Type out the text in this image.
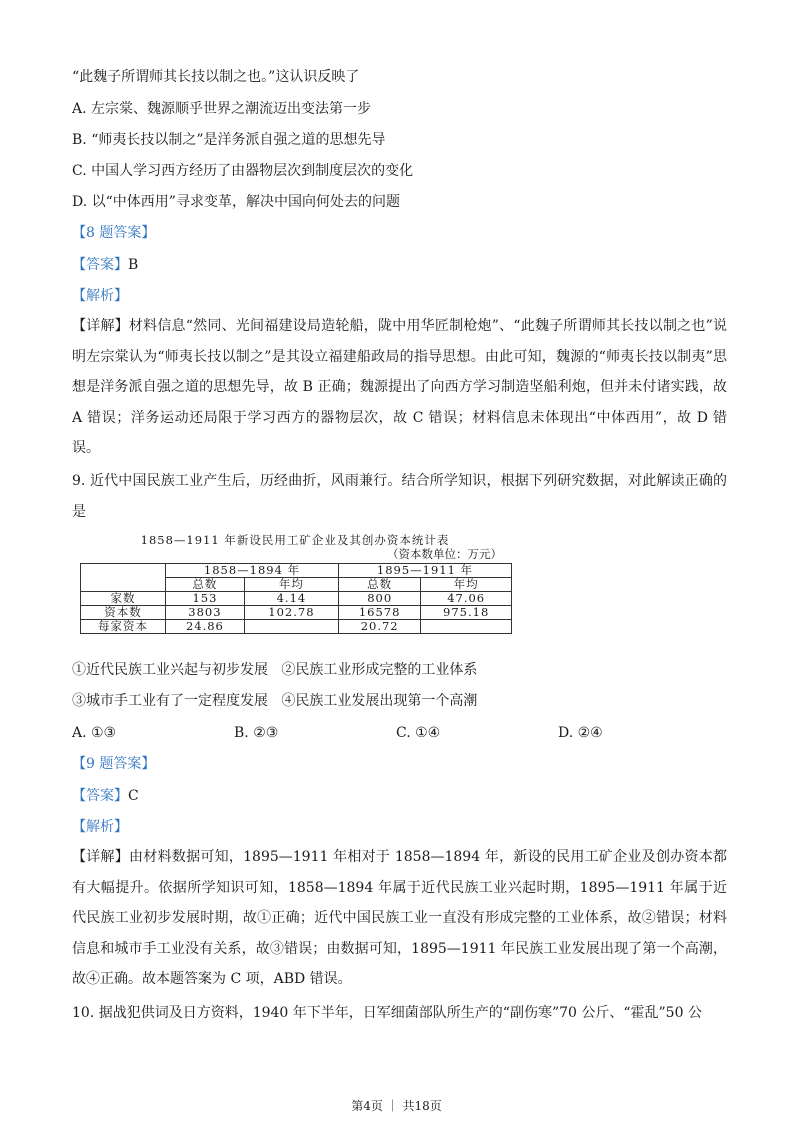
“此魏子所谓师其长技以制之也。”这认识反映了
A. 左宗棠、魏源顺乎世界之潮流迈出变法第一步
B. “师夷长技以制之”是洋务派自强之道的思想先导
C. 中国人学习西方经历了由器物层次到制度层次的变化
D. 以“中体西用”寻求变革，解决中国向何处去的问题
【8 题答案】
【答案】B
【解析】
【详解】材料信息“然同、光间福建设局造轮船，陇中用华匠制枪炮”、“此魏子所谓师其长技以制之也”说明左宗棠认为“师夷长技以制之”是其设立福建船政局的指导思想。由此可知，魏源的“师夷长技以制夷”思想是洋务派自强之道的思想先导，故 B 正确；魏源提出了向西方学习制造坚船利炮，但并未付诸实践，故 A 错误；洋务运动还局限于学习西方的器物层次，故 C 错误；材料信息未体现出“中体西用”，故 D 错误。
9. 近代中国民族工业产生后，历经曲折，风雨兼行。结合所学知识，根据下列研究数据，对此解读正确的是
1858—1911 年新设民用工矿企业及其创办资本统计表
（资本数单位：万元）
	1858—1894 年		1895—1911 年	
	总数	年均	总数	年均
家数	153	4.14	800	47.06
资本数	3803	102.78	16578	975.18
每家资本	24.86		20.72	
①近代民族工业兴起与初步发展   ②民族工业形成完整的工业体系
③城市手工业有了一定程度发展   ④民族工业发展出现第一个高潮
A. ①③	B. ②③	C. ①④	D. ②④
【9 题答案】
【答案】C
【解析】
【详解】由材料数据可知，1895—1911 年相对于 1858—1894 年，新设的民用工矿企业及创办资本都有大幅提升。依据所学知识可知，1858—1894 年属于近代民族工业兴起时期，1895—1911 年属于近代民族工业初步发展时期，故①正确；近代中国民族工业一直没有形成完整的工业体系，故②错误；材料信息和城市手工业没有关系，故③错误；由数据可知，1895—1911 年民族工业发展出现了第一个高潮，故④正确。故本题答案为 C 项，ABD 错误。
10. 据战犯供词及日方资料，1940 年下半年，日军细菌部队所生产的“副伤寒”70 公斤、“霍乱”50 公
第4页 ｜ 共18页
